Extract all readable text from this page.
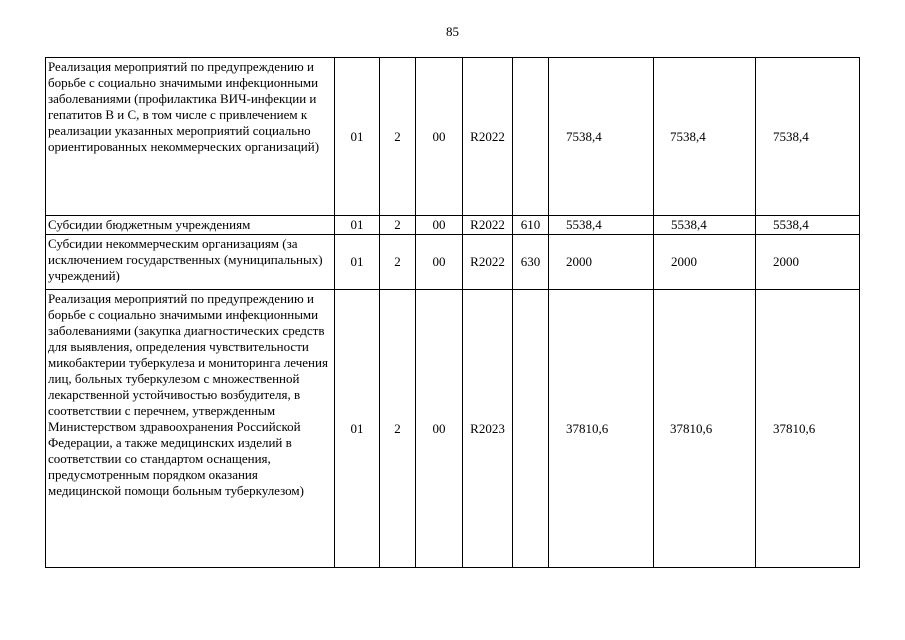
85
Реализация мероприятий по предупреждению и борьбе с социально значимыми инфекционными заболеваниями (профилактика ВИЧ-инфекции и гепатитов В и С, в том числе с привлечением к реализации указанных мероприятий социально ориентированных некоммерческих организаций)	01	2	00	R2022		7538,4	7538,4	7538,4
Субсидии бюджетным учреждениям	01	2	00	R2022	610	5538,4	5538,4	5538,4
Субсидии некоммерческим организациям (за исключением государственных (муниципальных) учреждений)	01	2	00	R2022	630	2000	2000	2000
Реализация мероприятий по предупреждению и борьбе с социально значимыми инфекционными заболеваниями (закупка диагностических средств для выявления, определения чувствительности микобактерии туберкулеза и мониторинга лечения лиц, больных туберкулезом с множественной лекарственной устойчивостью возбудителя, в соответствии с перечнем, утвержденным Министерством здравоохранения Российской Федерации, а также медицинских изделий в соответствии со стандартом оснащения, предусмотренным порядком оказания медицинской помощи больным туберкулезом)	01	2	00	R2023		37810,6	37810,6	37810,6
